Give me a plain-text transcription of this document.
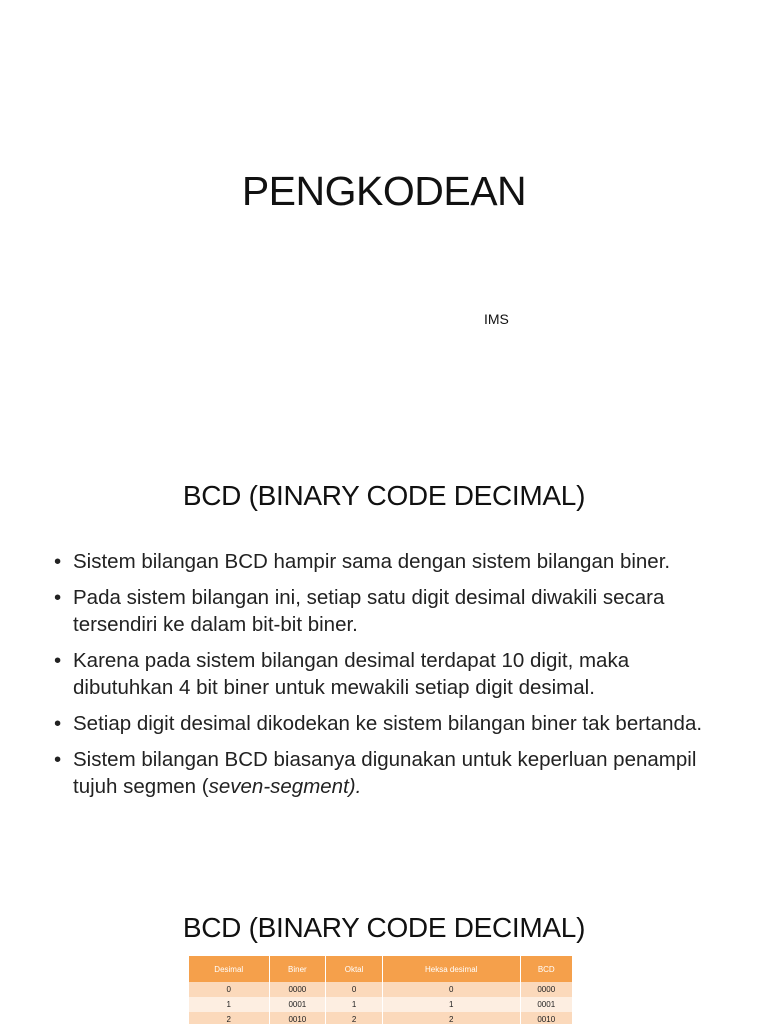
PENGKODEAN
IMS
BCD (BINARY CODE DECIMAL)
• Sistem bilangan BCD hampir sama dengan sistem bilangan biner.
• Pada sistem bilangan ini, setiap satu digit desimal diwakili secara tersendiri ke dalam bit-bit biner.
• Karena pada sistem bilangan desimal terdapat 10 digit, maka dibutuhkan 4 bit biner untuk mewakili setiap digit desimal.
• Setiap digit desimal dikodekan ke sistem bilangan biner tak bertanda.
• Sistem bilangan BCD biasanya digunakan untuk keperluan penampil tujuh segmen (seven-segment).
BCD (BINARY CODE DECIMAL)
Desimal	Biner	Oktal	Heksa desimal	BCD
0	0000	0	0	0000
1	0001	1	1	0001
2	0010	2	2	0010
